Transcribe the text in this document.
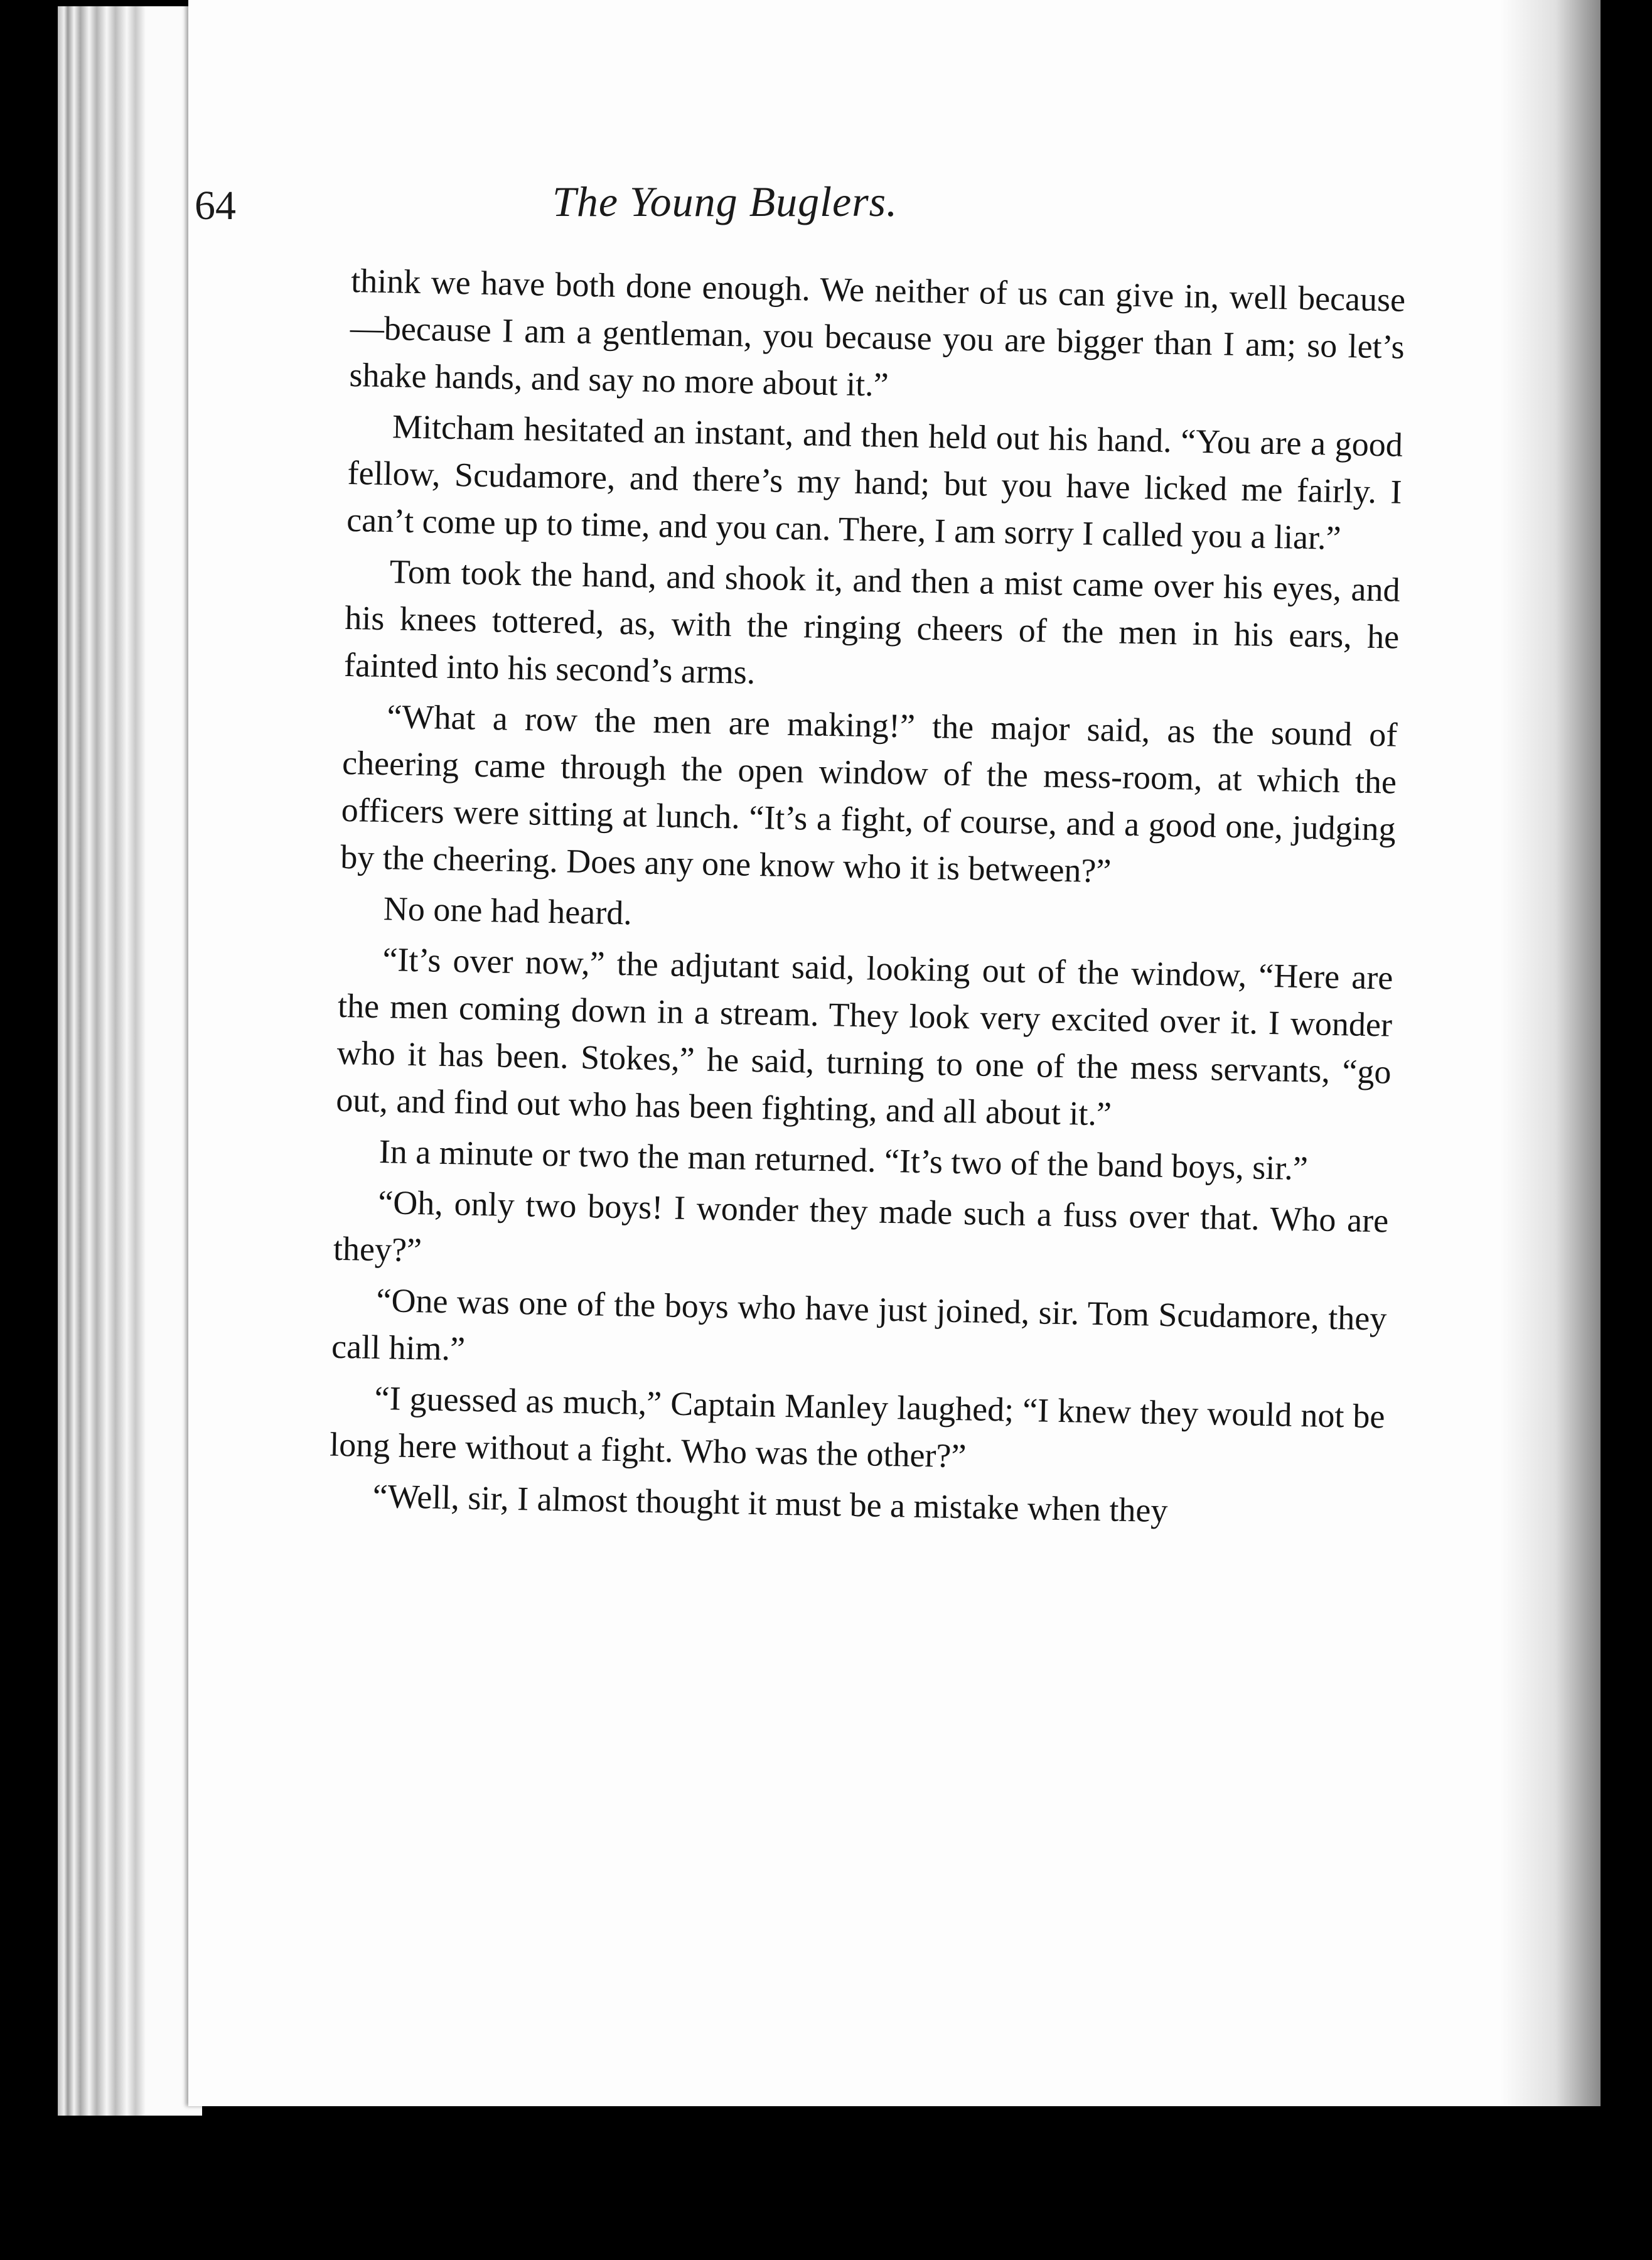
64	The Young Buglers.

think we have both done enough. We neither of us can give in, well because—because I am a gentleman, you because you are bigger than I am; so let’s shake hands, and say no more about it.”

Mitcham hesitated an instant, and then held out his hand. “You are a good fellow, Scudamore, and there’s my hand; but you have licked me fairly. I can’t come up to time, and you can. There, I am sorry I called you a liar.”

Tom took the hand, and shook it, and then a mist came over his eyes, and his knees tottered, as, with the ringing cheers of the men in his ears, he fainted into his second’s arms.

“What a row the men are making!” the major said, as the sound of cheering came through the open window of the mess-room, at which the officers were sitting at lunch. “It’s a fight, of course, and a good one, judging by the cheering. Does any one know who it is between?”

No one had heard.

“It’s over now,” the adjutant said, looking out of the window, “Here are the men coming down in a stream. They look very excited over it. I wonder who it has been. Stokes,” he said, turning to one of the mess servants, “go out, and find out who has been fighting, and all about it.”

In a minute or two the man returned. “It’s two of the band boys, sir.”

“Oh, only two boys! I wonder they made such a fuss over that. Who are they?”

“One was one of the boys who have just joined, sir. Tom Scudamore, they call him.”

“I guessed as much,” Captain Manley laughed; “I knew they would not be long here without a fight. Who was the other?”

“Well, sir, I almost thought it must be a mistake when they
